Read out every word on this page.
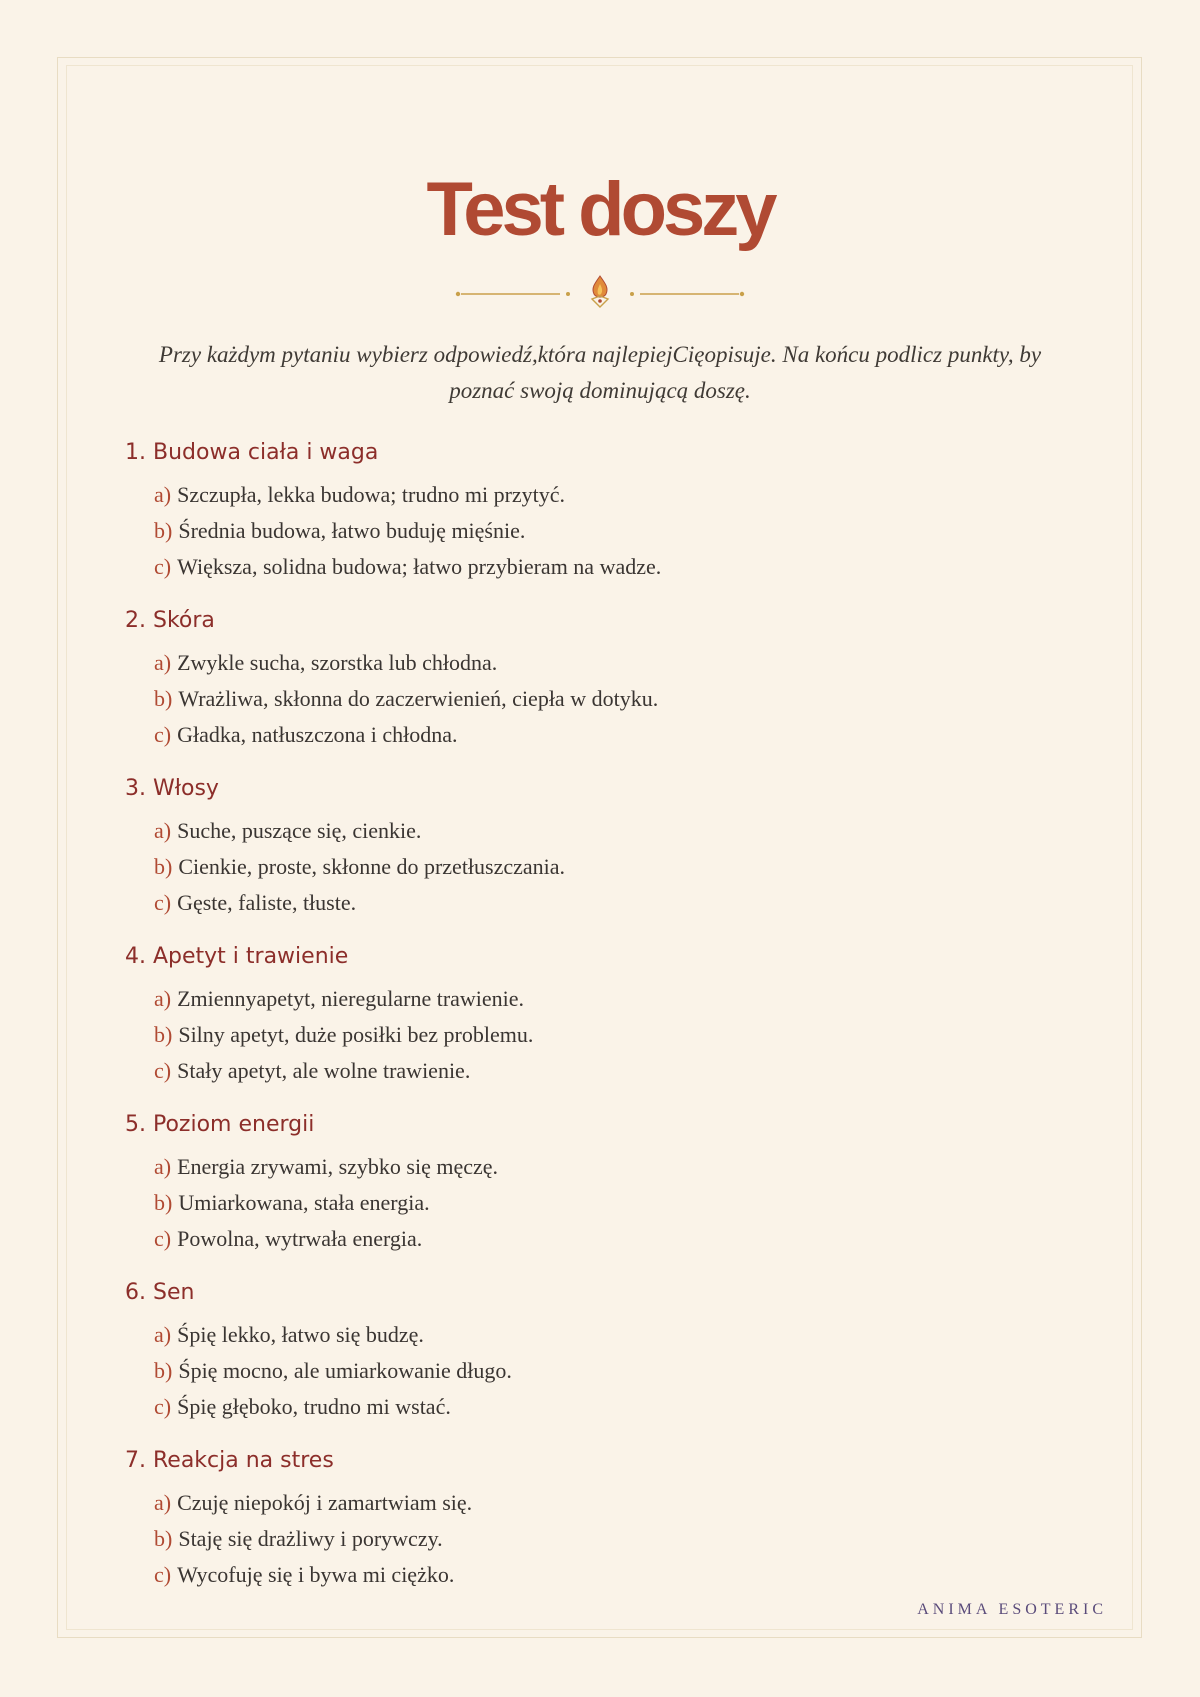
Test doszy

Przy każdym pytaniu wybierz odpowiedź,która najlepiejCięopisuje. Na końcu podlicz punkty, by poznać swoją dominującą doszę.

1. Budowa ciała i waga
a) Szczupła, lekka budowa; trudno mi przytyć.
b) Średnia budowa, łatwo buduję mięśnie.
c) Większa, solidna budowa; łatwo przybieram na wadze.
2. Skóra
a) Zwykle sucha, szorstka lub chłodna.
b) Wrażliwa, skłonna do zaczerwienień, ciepła w dotyku.
c) Gładka, natłuszczona i chłodna.
3. Włosy
a) Suche, puszące się, cienkie.
b) Cienkie, proste, skłonne do przetłuszczania.
c) Gęste, faliste, tłuste.
4. Apetyt i trawienie
a) Zmiennyapetyt, nieregularne trawienie.
b) Silny apetyt, duże posiłki bez problemu.
c) Stały apetyt, ale wolne trawienie.
5. Poziom energii
a) Energia zrywami, szybko się męczę.
b) Umiarkowana, stała energia.
c) Powolna, wytrwała energia.
6. Sen
a) Śpię lekko, łatwo się budzę.
b) Śpię mocno, ale umiarkowanie długo.
c) Śpię głęboko, trudno mi wstać.
7. Reakcja na stres
a) Czuję niepokój i zamartwiam się.
b) Staję się drażliwy i porywczy.
c) Wycofuję się i bywa mi ciężko.

ANIMA ESOTERIC
